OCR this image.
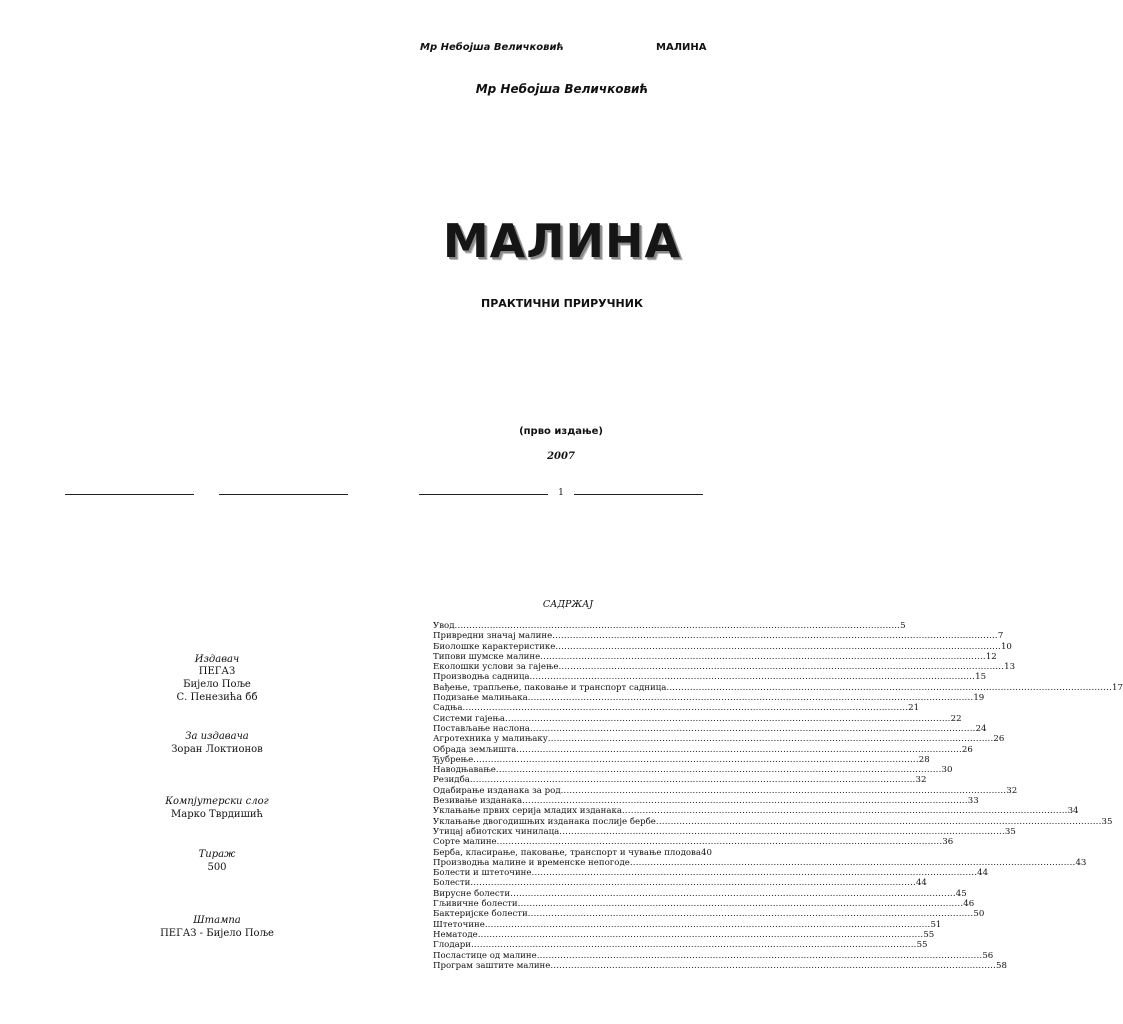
Мр Небојша Величковић	МАЛИНА
Мр Небојша Величковић
МАЛИНА
ПРАКТИЧНИ ПРИРУЧНИК
(прво издање)
2007
1
Издавач
ПЕГАЗ
Бијело Поље
С. Пенезића бб
За издавача
Зоран Локтионов
Компјутерски слог
Марко Тврдишић
Тираж
500
Штампа
ПЕГАЗ - Бијело Поље
САДРЖАЈ
Увод .....	5
Привредни значај малине .....	7
Биолошке карактеристике .....	10
Типови шумске малине .....	12
Еколошки услови за гајење .....	13
Производња садница .....	15
Вађење, трапљење, паковање и транспорт садница .....	17
Подизање малињака .....	19
Садња .....	21
Системи гајења .....	22
Постављање наслона .....	24
Агротехника у малињаку .....	26
Обрада земљишта .....	26
Ђубрење .....	28
Наводњавање .....	30
Резидба .....	32
Одабирање изданака за род .....	32
Везивање изданака .....	33
Уклањање првих серија младих изданака .....	34
Уклањање двогодишњих изданака послије бербе .....	35
Утицај абиотских чинилаца .....	35
Сорте малине .....	36
Берба, класирање, паковање, транспорт и чување плодова 40
Производња малине и временске непогоде .....	43
Болести и штеточине .....	44
Болести .....	44
Вирусне болести .....	45
Гљивичне болести .....	46
Бактеријске болести .....	50
Штеточине .....	51
Нематоде .....	55
Глодари .....	55
Посластице од малине .....	56
Програм заштите малине .....	58
